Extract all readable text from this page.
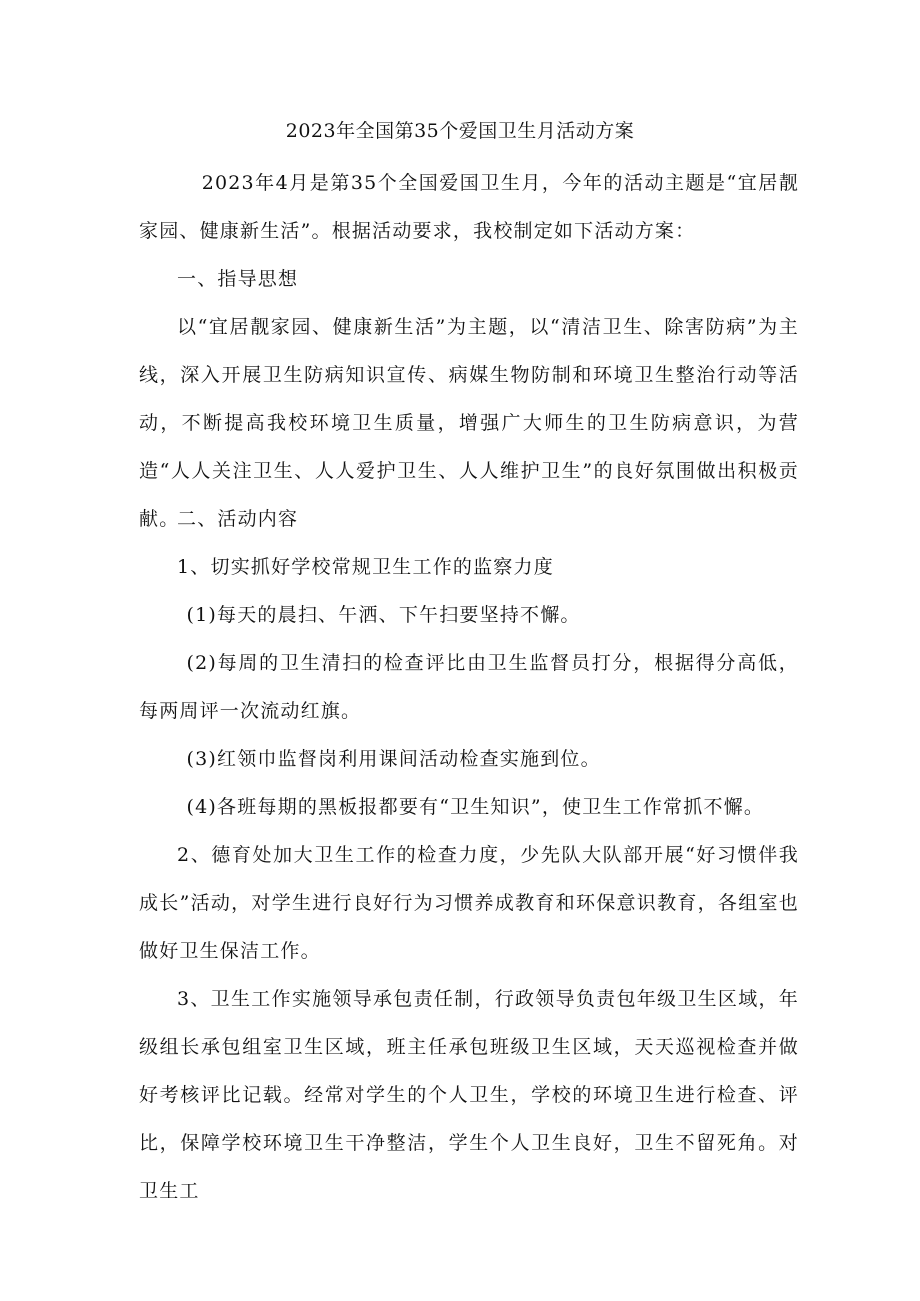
2023年全国第35个爱国卫生月活动方案

2023年4月是第35个全国爱国卫生月，今年的活动主题是“宜居靓家园、健康新生活”。根据活动要求，我校制定如下活动方案：

一、指导思想

以“宜居靓家园、健康新生活”为主题，以“清洁卫生、除害防病”为主线，深入开展卫生防病知识宣传、病媒生物防制和环境卫生整治行动等活动，不断提高我校环境卫生质量，增强广大师生的卫生防病意识，为营造“人人关注卫生、人人爱护卫生、人人维护卫生”的良好氛围做出积极贡献。

二、活动内容

1、切实抓好学校常规卫生工作的监察力度

(1)每天的晨扫、午洒、下午扫要坚持不懈。

(2)每周的卫生清扫的检查评比由卫生监督员打分，根据得分高低，每两周评一次流动红旗。

(3)红领巾监督岗利用课间活动检查实施到位。

(4)各班每期的黑板报都要有“卫生知识”，使卫生工作常抓不懈。

2、德育处加大卫生工作的检查力度，少先队大队部开展“好习惯伴我成长”活动，对学生进行良好行为习惯养成教育和环保意识教育，各组室也做好卫生保洁工作。

3、卫生工作实施领导承包责任制，行政领导负责包年级卫生区域，年级组长承包组室卫生区域，班主任承包班级卫生区域，天天巡视检查并做好考核评比记载。经常对学生的个人卫生，学校的环境卫生进行检查、评比，保障学校环境卫生干净整洁，学生个人卫生良好，卫生不留死角。对卫生工
